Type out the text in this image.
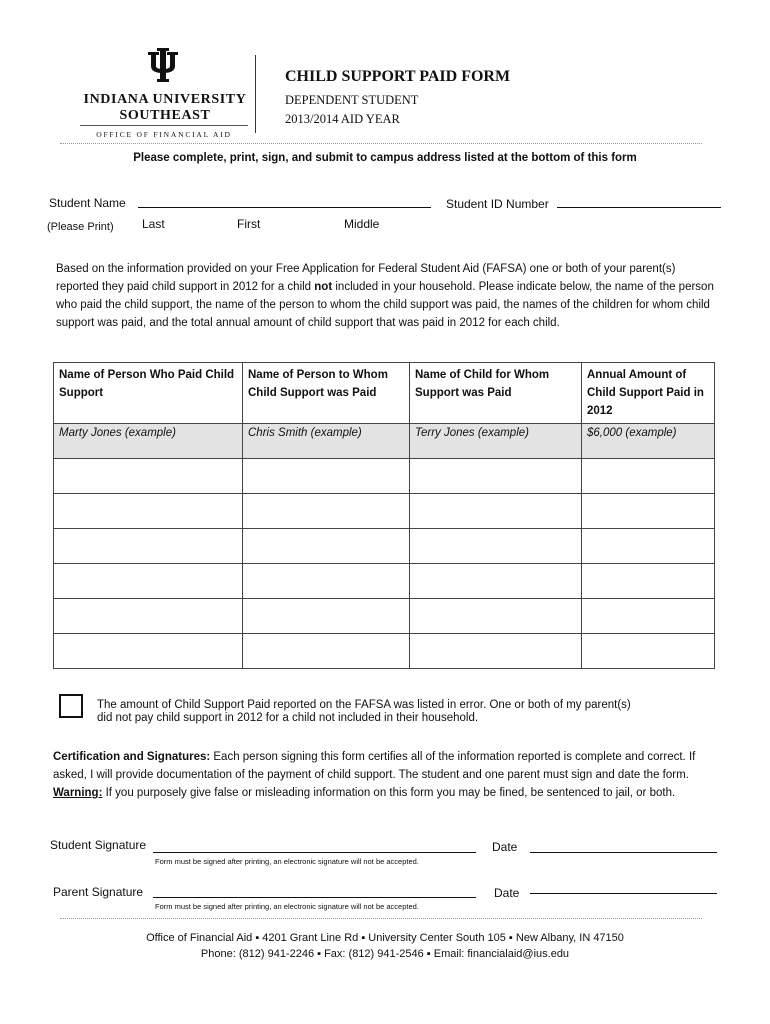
INDIANA UNIVERSITY
SOUTHEAST
OFFICE OF FINANCIAL AID
CHILD SUPPORT PAID FORM
DEPENDENT STUDENT
2013/2014 AID YEAR
Please complete, print, sign, and submit to campus address listed at the bottom of this form
Student Name	Student ID Number
(Please Print) Last	First	Middle
Based on the information provided on your Free Application for Federal Student Aid (FAFSA) one or both of your parent(s) reported they paid child support in 2012 for a child not included in your household. Please indicate below, the name of the person who paid the child support, the name of the person to whom the child support was paid, the names of the children for whom child support was paid, and the total annual amount of child support that was paid in 2012 for each child.
Name of Person Who Paid Child Support	Name of Person to Whom Child Support was Paid	Name of Child for Whom Support was Paid	Annual Amount of Child Support Paid in 2012
Marty Jones (example)	Chris Smith (example)	Terry Jones (example)	$6,000 (example)

The amount of Child Support Paid reported on the FAFSA was listed in error. One or both of my parent(s)
did not pay child support in 2012 for a child not included in their household.
Certification and Signatures: Each person signing this form certifies all of the information reported is complete and correct. If asked, I will provide documentation of the payment of child support. The student and one parent must sign and date the form. Warning: If you purposely give false or misleading information on this form you may be fined, be sentenced to jail, or both.
Student Signature
Form must be signed after printing, an electronic signature will not be accepted.
Date
Parent Signature
Form must be signed after printing, an electronic signature will not be accepted.
Date
Office of Financial Aid ▪ 4201 Grant Line Rd ▪ University Center South 105 ▪ New Albany, IN 47150
Phone: (812) 941-2246 ▪ Fax: (812) 941-2546 ▪ Email: financialaid@ius.edu
